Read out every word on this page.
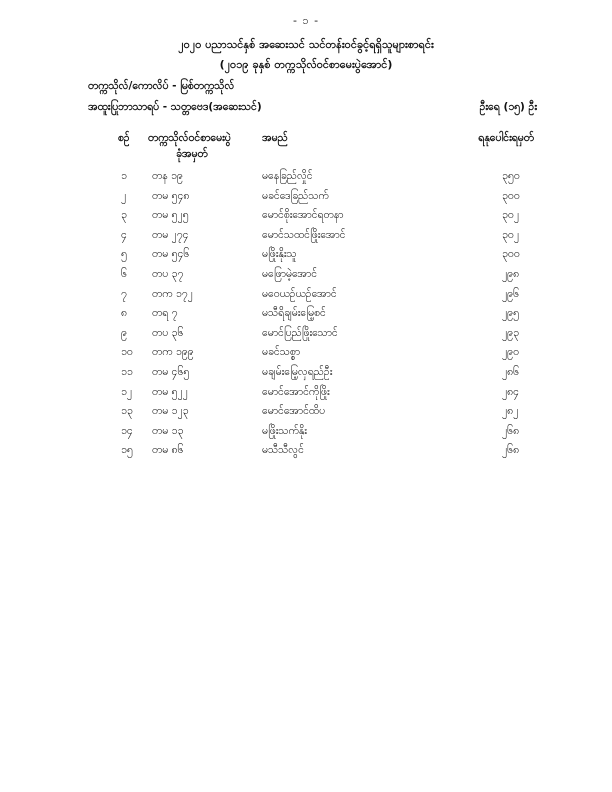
- ၁ -
၂၀၂၀ ပညာသင်နှစ် အဆေးသင် သင်တန်းဝင်ခွင့်ရရှိသူများစာရင်း
(၂၀၁၉ ခုနှစ် တက္ကသိုလ်ဝင်စာမေးပွဲအောင်)
တက္ကသိုလ်/ကောလိပ် - မြစ်တက္ကသိုလ်
အထူးပြုဘာသာရပ် - သတ္တဗေဒ(အဆေးသင်)	ဦးရေ (၁၅) ဦး
စဉ် တက္ကသိုလ်ဝင်စာမေးပွဲ
ခုံအမှတ်
အမည်	ရနုပေါင်းရမှတ်
၁ တန ၁၉	မနေခြည်လှိုင်	၃၅၀
၂ တမ ၅၄၈	မခင်ဒေခြည်သက်	၃၀၀
၃ တမ ၅၂၅	မောင်စိုးအောင်ရတနာ	၃၀၂
၄ တမ ၂၇၄	မောင်သထင်ဖြိုးအောင်	၃၀၂
၅ တမ ၅၄၆	မဖြိုးနိုးသူ	၃၀၀
၆ တပ ၃၇	မဖြောမဲ့အောင်	၂၉၈
၇ တက ၁၇၂	မဝေယဉ်ယဉ်အောင်	၂၉၆
၈ တရ ၇	မသီရိချမ်းမြေ့စင်	၂၉၅
၉ တပ ၃၆	မောင်ပြည်ဖြိုးသောင်	၂၉၃
၁၀ တက ၁၉၉	မခင်သစ္စာ	၂၉၀
၁၁ တမ ၄၆၅	မချမ်းမြေ့လှရည်ဦး	၂၈၆
၁၂ တမ ၅၂၂	မောင်အောင်ကိုဖြိုး	၂၈၄
၁၃ တမ ၁၂၃	မောင်အောင်ထိပ	၂၈၂
၁၄ တမ ၁၃	မဖြိုးသက်နိုး	၂၆၈
၁၅ တမ ၈၆	မသီသီလွင်	၂၆၈
